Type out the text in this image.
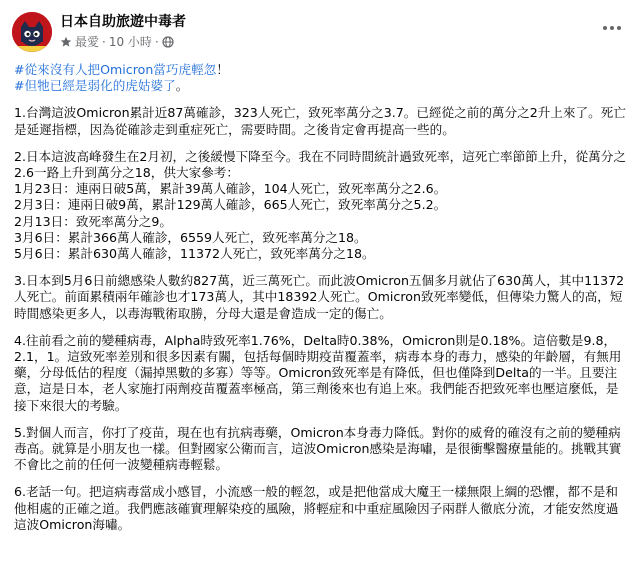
日本自助旅遊中毒者
最愛 · 10 小時 ·
#從來沒有人把Omicron當巧虎輕忽！
#但牠已經是弱化的虎姑婆了。

1.台灣這波Omicron累計近87萬確診，323人死亡，致死率萬分之3.7。已經從之前的萬分之2升上來了。死亡是延遲指標，因為從確診走到重症死亡，需要時間。之後肯定會再提高一些的。

2.日本這波高峰發生在2月初，之後緩慢下降至今。我在不同時間統計過致死率，這死亡率節節上升，從萬分之2.6一路上升到萬分之18，供大家參考：
1月23日：連兩日破5萬，累計39萬人確診，104人死亡，致死率萬分之2.6。
2月3日：連兩日破9萬，累計129萬人確診，665人死亡，致死率萬分之5.2。
2月13日：致死率萬分之9。
3月6日：累計366萬人確診，6559人死亡，致死率萬分之18。
5月6日：累計630萬人確診，11372人死亡，致死率萬分之18。

3.日本到5月6日前總感染人數約827萬，近三萬死亡。而此波Omicron五個多月就佔了630萬人，其中11372人死亡。前面累積兩年確診也才173萬人，其中18392人死亡。Omicron致死率變低，但傳染力驚人的高，短時間感染更多人，以毒海戰術取勝，分母大還是會造成一定的傷亡。

4.往前看之前的變種病毒，Alpha時致死率1.76%，Delta時0.38%，Omicron則是0.18%。這倍數是9.8，2.1，1。這致死率差別和很多因素有關，包括每個時期疫苗覆蓋率，病毒本身的毒力，感染的年齡層，有無用藥，分母低估的程度（漏掉黑數的多寡）等等。Omicron致死率是有降低，但也僅降到Delta的一半。且要注意，這是日本，老人家施打兩劑疫苗覆蓋率極高，第三劑後來也有追上來。我們能否把致死率也壓這麼低，是接下來很大的考驗。

5.對個人而言，你打了疫苗，現在也有抗病毒藥，Omicron本身毒力降低。對你的威脅的確沒有之前的變種病毒高。就算是小朋友也一樣。但對國家公衛而言，這波Omicron感染是海嘯，是很衝擊醫療量能的。挑戰其實不會比之前的任何一波變種病毒輕鬆。

6.老話一句。把這病毒當成小感冒，小流感一般的輕忽，或是把他當成大魔王一樣無限上綱的恐懼，都不是和他相處的正確之道。我們應該確實理解染疫的風險，將輕症和中重症風險因子兩群人徹底分流，才能安然度過這波Omicron海嘯。
